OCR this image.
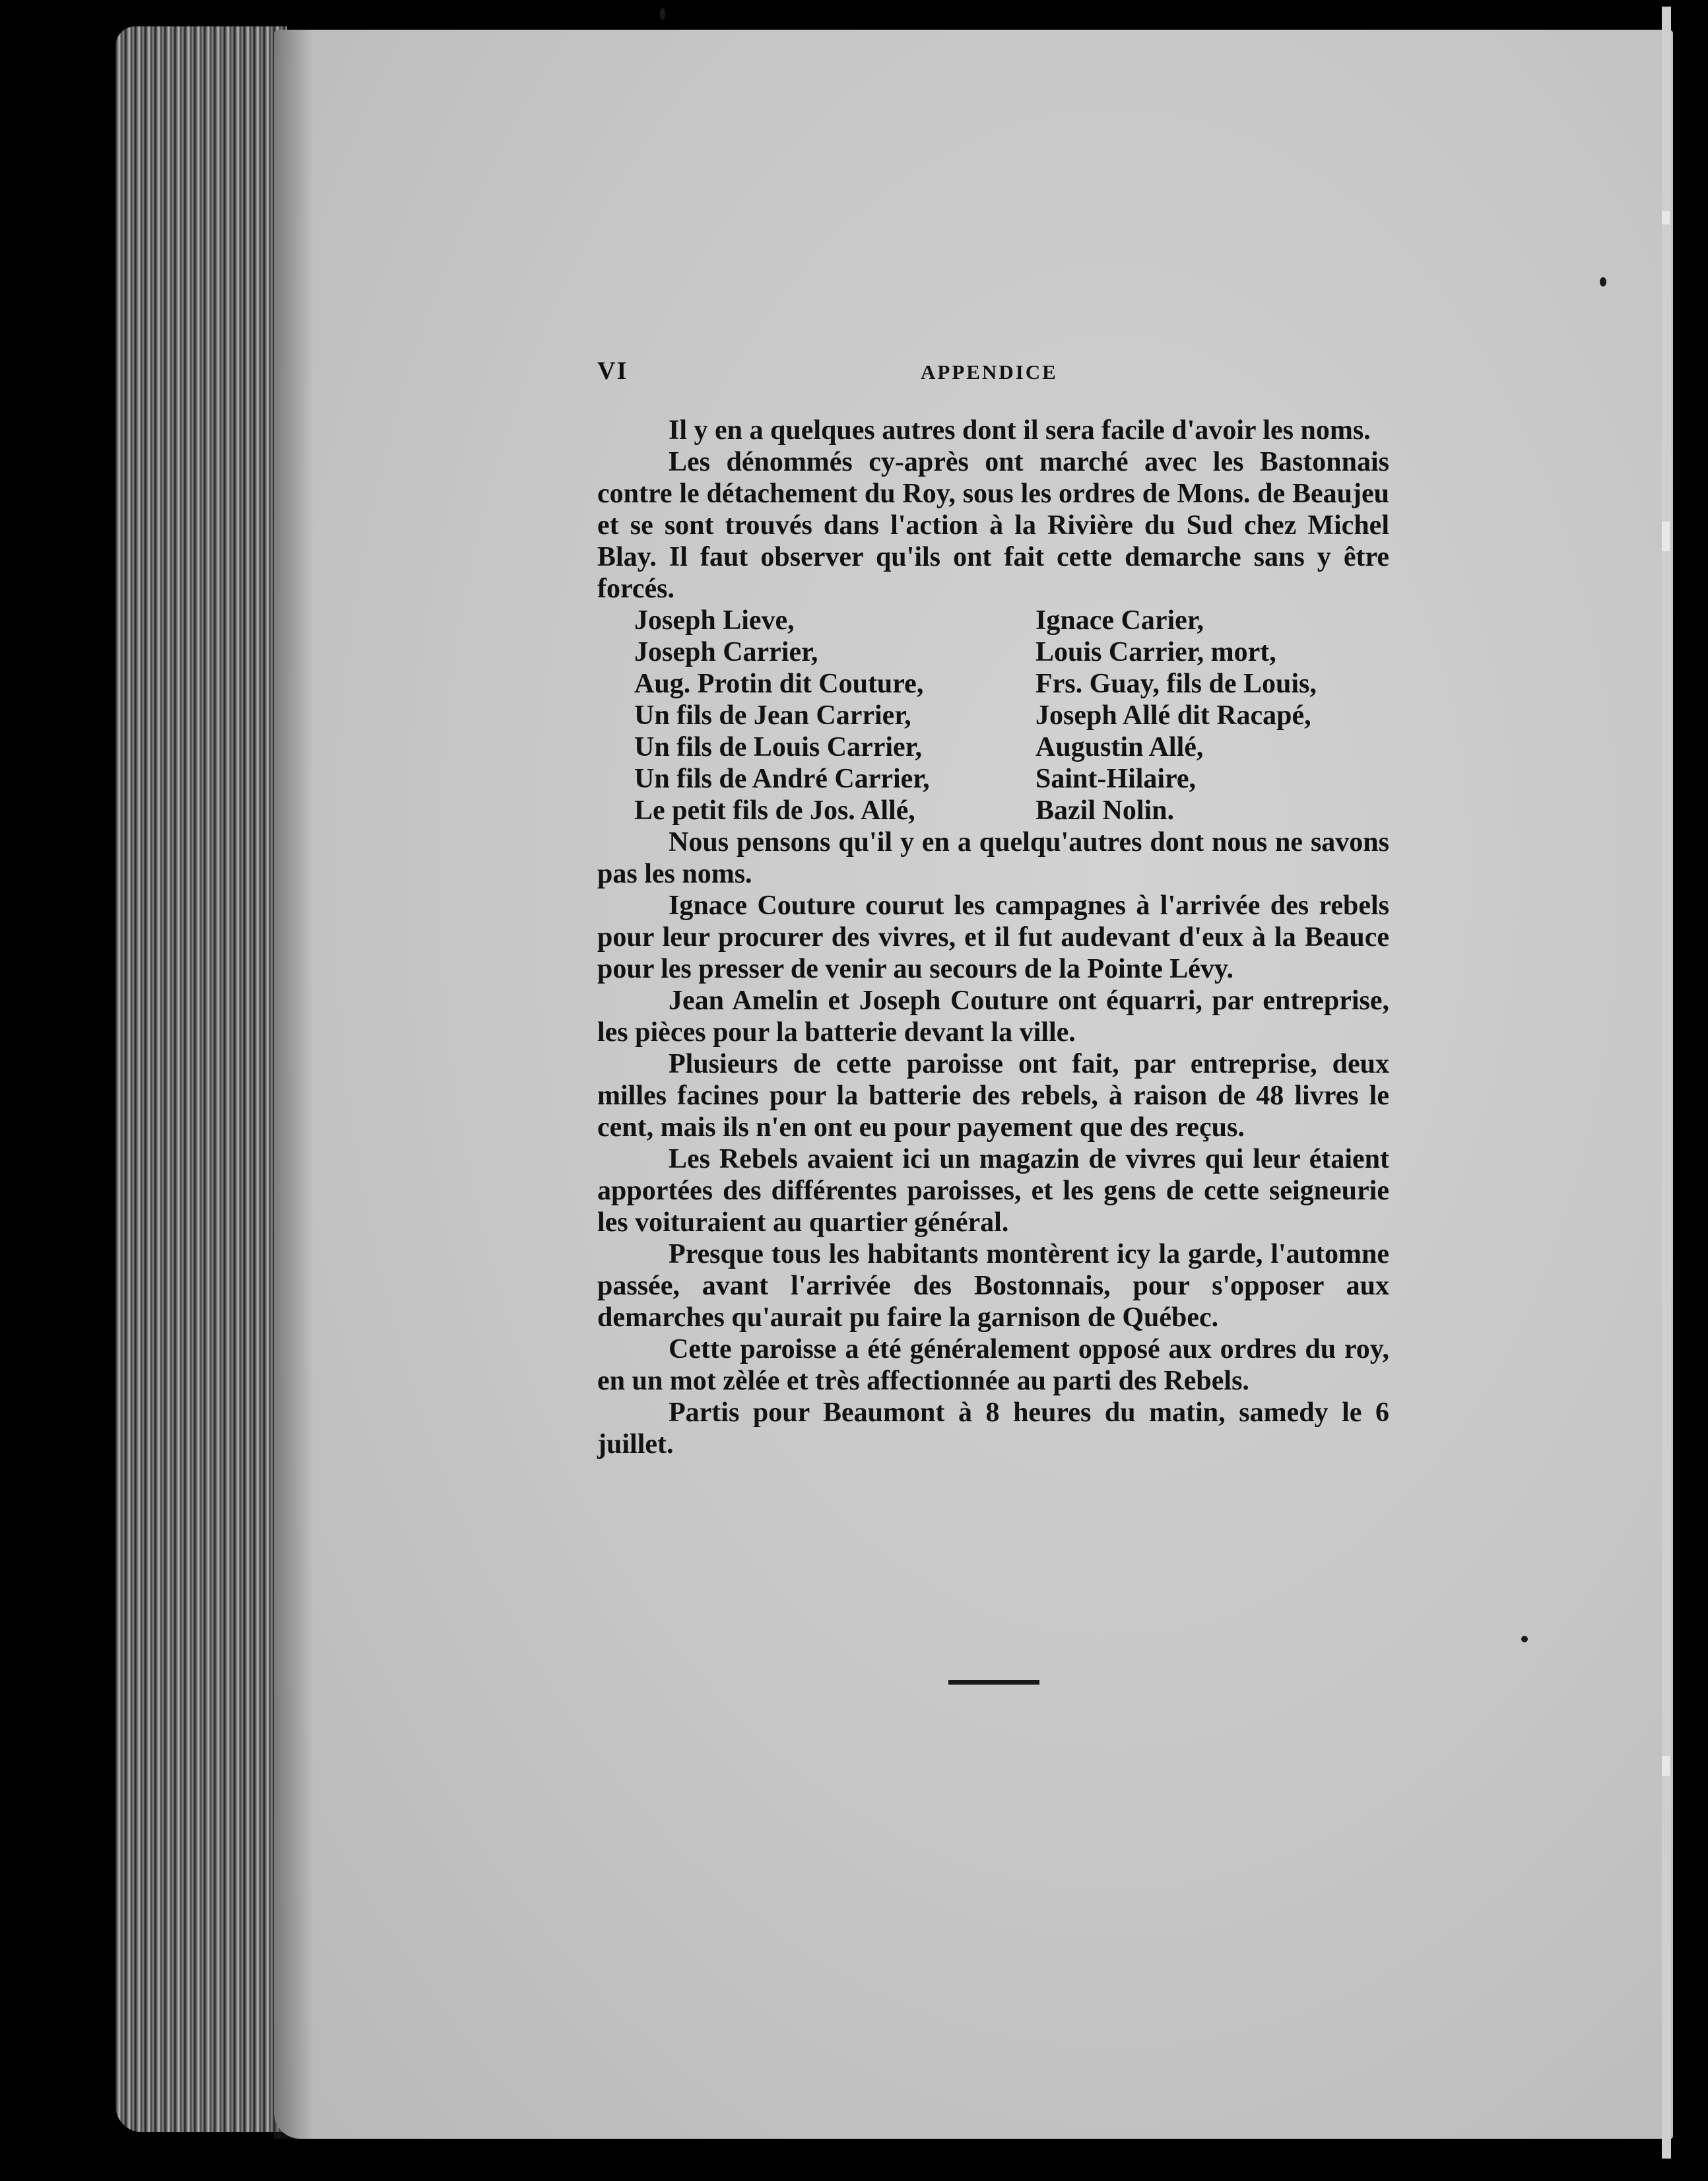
VI	APPENDICE

Il y en a quelques autres dont il sera facile d'avoir les noms.

Les dénommés cy-après ont marché avec les Bastonnais contre le détachement du Roy, sous les ordres de Mons. de Beaujeu et se sont trouvés dans l'action à la Rivière du Sud chez Michel Blay. Il faut observer qu'ils ont fait cette demarche sans y être forcés.

Joseph Lieve,
Joseph Carrier,
Aug. Protin dit Couture,
Un fils de Jean Carrier,
Un fils de Louis Carrier,
Un fils de André Carrier,
Le petit fils de Jos. Allé,
Ignace Carier,
Louis Carrier, mort,
Frs. Guay, fils de Louis,
Joseph Allé dit Racapé,
Augustin Allé,
Saint-Hilaire,
Bazil Nolin.

Nous pensons qu'il y en a quelqu'autres dont nous ne savons pas les noms.

Ignace Couture courut les campagnes à l'arrivée des rebels pour leur procurer des vivres, et il fut audevant d'eux à la Beauce pour les presser de venir au secours de la Pointe Lévy.

Jean Amelin et Joseph Couture ont équarri, par entreprise, les pièces pour la batterie devant la ville.

Plusieurs de cette paroisse ont fait, par entreprise, deux milles facines pour la batterie des rebels, à raison de 48 livres le cent, mais ils n'en ont eu pour payement que des reçus.

Les Rebels avaient ici un magazin de vivres qui leur étaient apportées des différentes paroisses, et les gens de cette seigneurie les voituraient au quartier général.

Presque tous les habitants montèrent icy la garde, l'automne passée, avant l'arrivée des Bostonnais, pour s'opposer aux demarches qu'aurait pu faire la garnison de Québec.

Cette paroisse a été généralement opposé aux ordres du roy, en un mot zèlée et très affectionnée au parti des Rebels.

Partis pour Beaumont à 8 heures du matin, samedy le 6 juillet.
